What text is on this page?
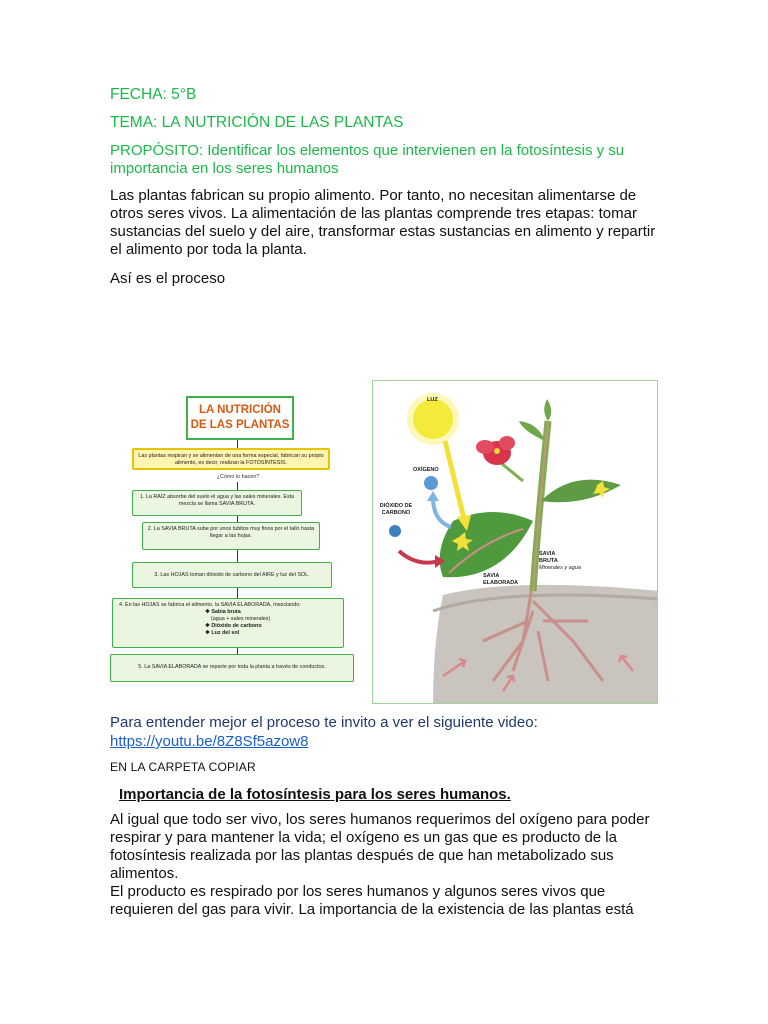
FECHA: 5°B
TEMA: LA NUTRICIÓN DE LAS PLANTAS
PROPÓSITO: Identificar los elementos que intervienen en la fotosíntesis y su importancia en los seres humanos
Las plantas fabrican su propio alimento. Por tanto, no necesitan alimentarse de otros seres vivos. La alimentación de las plantas comprende tres etapas: tomar sustancias del suelo y del aire, transformar estas sustancias en alimento y repartir el alimento por toda la planta.
Así es el proceso
LA NUTRICIÓN
DE LAS PLANTAS
Las plantas respiran y se alimentan de una forma especial, fabrican su propio alimento, es decir, realizan la FOTOSÍNTESIS.
¿Cómo lo hacen?
1. La RAÍZ absorbe del suelo el agua y las sales minerales. Esta mezcla se llama SAVIA BRUTA.
2. La SAVIA BRUTA sube por unos tubitos muy finos por el tallo hasta llegar a las hojas.
3. Las HOJAS toman dióxido de carbono del AIRE y luz del SOL.
4. En las HOJAS se fabrica el alimento, la SAVIA ELABORADA, mezclando:
❖ Sabia bruta
(agua + sales minerales)
❖ Dióxido de carbono
❖ Luz del sol
5. La SAVIA ELABORADA se reparte por toda la planta a través de conductos.
LUZ
OXÍGENO
DIÓXIDO DE CARBONO
SAVIA BRUTA
Minerales y agua
SAVIA ELABORADA
Para entender mejor el proceso te invito a ver el siguiente video:
https://youtu.be/8Z8Sf5azow8
EN LA CARPETA COPIAR
Importancia de la fotosíntesis para los seres humanos.
Al igual que todo ser vivo, los seres humanos requerimos del oxígeno para poder respirar y para mantener la vida; el oxígeno es un gas que es producto de la fotosíntesis realizada por las plantas después de que han metabolizado sus alimentos.
El producto es respirado por los seres humanos y algunos seres vivos que requieren del gas para vivir. La importancia de la existencia de las plantas está
